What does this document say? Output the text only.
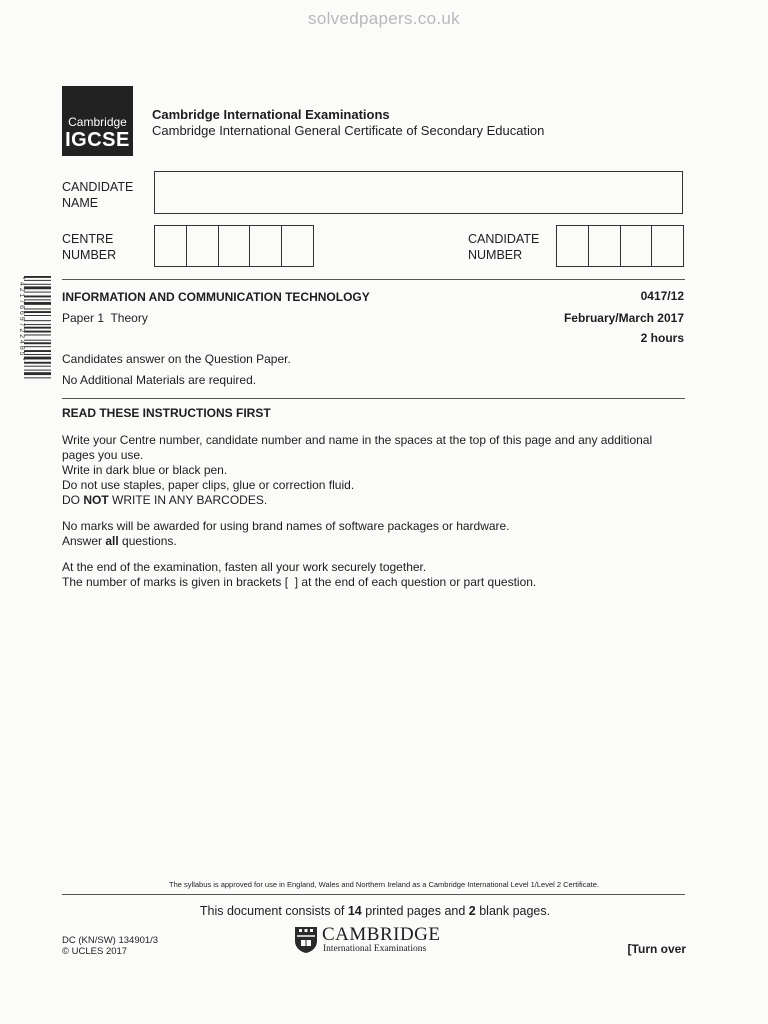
solvedpapers.co.uk
Cambridge
IGCSE
Cambridge International Examinations
Cambridge International General Certificate of Secondary Education
CANDIDATE
NAME
CENTRE
NUMBER
CANDIDATE
NUMBER
*4217669722405*	INFORMATION AND COMMUNICATION TECHNOLOGY	0417/12
Paper 1  Theory	February/March 2017
2 hours
Candidates answer on the Question Paper.
No Additional Materials are required.
READ THESE INSTRUCTIONS FIRST
Write your Centre number, candidate number and name in the spaces at the top of this page and any additional
pages you use.
Write in dark blue or black pen.
Do not use staples, paper clips, glue or correction fluid.
DO NOT WRITE IN ANY BARCODES.
No marks will be awarded for using brand names of software packages or hardware.
Answer all questions.
At the end of the examination, fasten all your work securely together.
The number of marks is given in brackets [  ] at the end of each question or part question.
The syllabus is approved for use in England, Wales and Northern Ireland as a Cambridge International Level 1/Level 2 Certificate.
This document consists of 14 printed pages and 2 blank pages.
DC (KN/SW) 134901/3
© UCLES 2017
CAMBRIDGE
International Examinations	[Turn over
